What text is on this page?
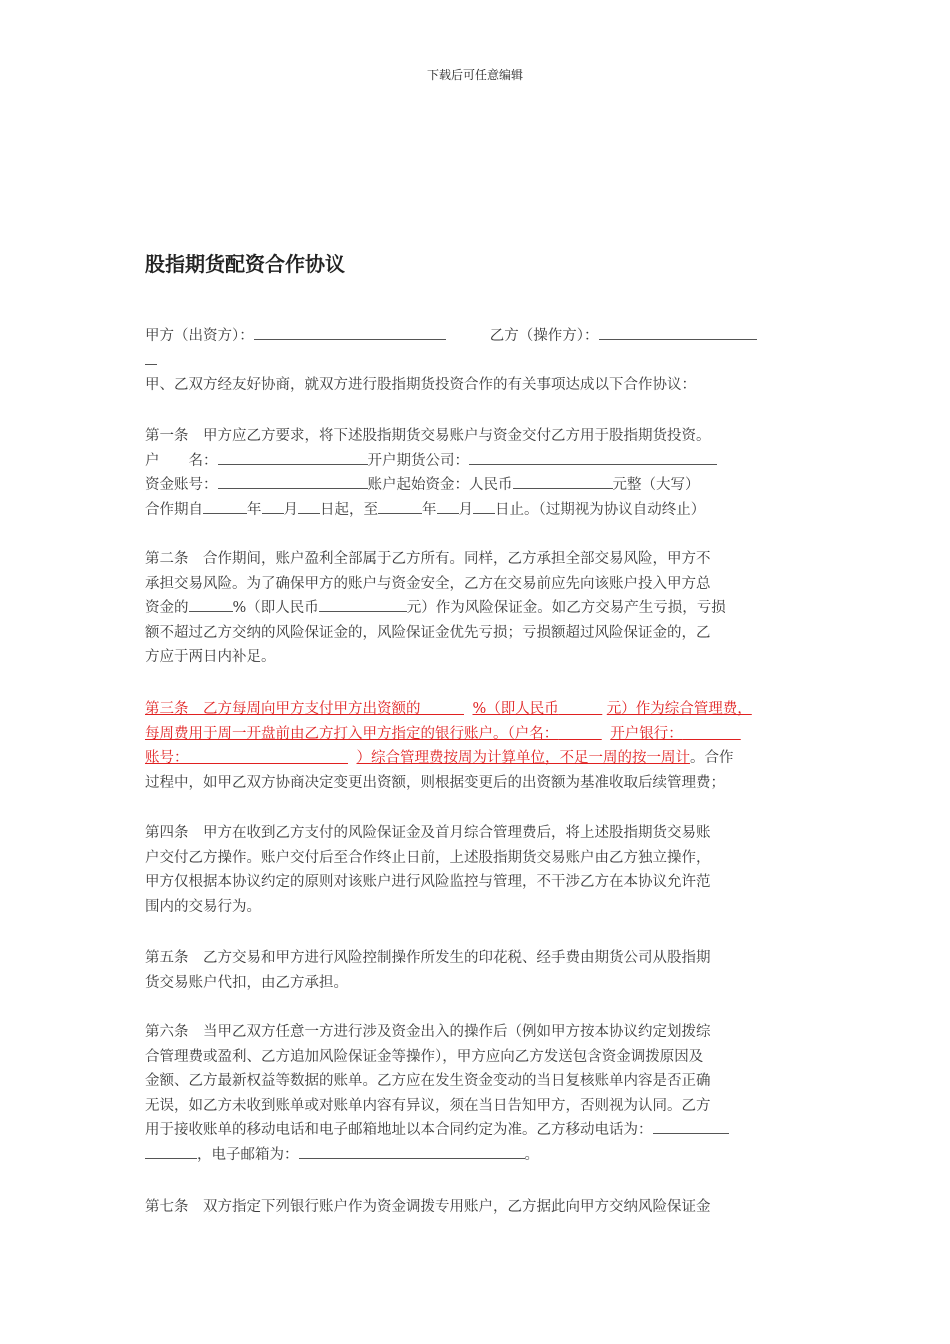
下载后可任意编辑
股指期货配资合作协议
甲方（出资方）：	乙方（操作方）：
甲、乙双方经友好协商，就双方进行股指期货投资合作的有关事项达成以下合作协议：
第一条　甲方应乙方要求，将下述股指期货交易账户与资金交付乙方用于股指期货投资。
户　　名：	开户期货公司：
资金账号：	账户起始资金：人民币	元整（大写）
合作期自	年 月 日起，至	年 月 日止。（过期视为协议自动终止）
第二条　合作期间，账户盈利全部属于乙方所有。同样，乙方承担全部交易风险，甲方不
承担交易风险。为了确保甲方的账户与资金安全，乙方在交易前应先向该账户投入甲方总
资金的	%（即人民币	元）作为风险保证金。如乙方交易产生亏损，亏损
额不超过乙方交纳的风险保证金的，风险保证金优先亏损；亏损额超过风险保证金的，乙
方应于两日内补足。
第三条　乙方每周向甲方支付甲方出资额的　　　	%（即人民币　　　	元）作为综合管理费，
每周费用于周一开盘前由乙方打入甲方指定的银行账户。（户名：　　　	开户银行：　　　　
账号：　　　　　　　　　　　	）综合管理费按周为计算单位，不足一周的按一周计。合作
过程中，如甲乙双方协商决定变更出资额，则根据变更后的出资额为基准收取后续管理费；
第四条　甲方在收到乙方支付的风险保证金及首月综合管理费后，将上述股指期货交易账
户交付乙方操作。账户交付后至合作终止日前，上述股指期货交易账户由乙方独立操作，
甲方仅根据本协议约定的原则对该账户进行风险监控与管理，不干涉乙方在本协议允许范
围内的交易行为。
第五条　乙方交易和甲方进行风险控制操作所发生的印花税、经手费由期货公司从股指期
货交易账户代扣，由乙方承担。
第六条　当甲乙双方任意一方进行涉及资金出入的操作后（例如甲方按本协议约定划拨综
合管理费或盈利、乙方追加风险保证金等操作），甲方应向乙方发送包含资金调拨原因及
金额、乙方最新权益等数据的账单。乙方应在发生资金变动的当日复核账单内容是否正确
无误，如乙方未收到账单或对账单内容有异议，须在当日告知甲方，否则视为认同。乙方
用于接收账单的移动电话和电子邮箱地址以本合同约定为准。乙方移动电话为：
，电子邮箱为：	。
第七条　双方指定下列银行账户作为资金调拨专用账户，乙方据此向甲方交纳风险保证金
